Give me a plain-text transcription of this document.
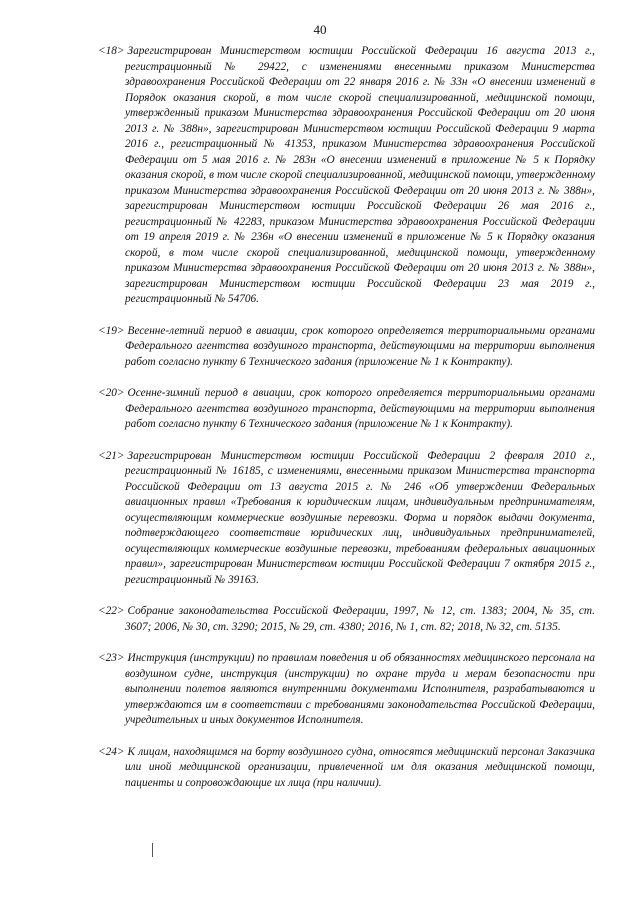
40

<18> Зарегистрирован Министерством юстиции Российской Федерации 16 августа 2013 г., регистрационный № 29422, с изменениями внесенными приказом Министерства здравоохранения Российской Федерации от 22 января 2016 г. № 33н «О внесении изменений в Порядок оказания скорой, в том числе скорой специализированной, медицинской помощи, утвержденный приказом Министерства здравоохранения Российской Федерации от 20 июня 2013 г. № 388н», зарегистрирован Министерством юстиции Российской Федерации 9 марта 2016 г., регистрационный № 41353, приказом Министерства здравоохранения Российской Федерации от 5 мая 2016 г. № 283н «О внесении изменений в приложение № 5 к Порядку оказания скорой, в том числе скорой специализированной, медицинской помощи, утвержденному приказом Министерства здравоохранения Российской Федерации от 20 июня 2013 г. № 388н», зарегистрирован Министерством юстиции Российской Федерации 26 мая 2016 г., регистрационный № 42283, приказом Министерства здравоохранения Российской Федерации от 19 апреля 2019 г. № 236н «О внесении изменений в приложение № 5 к Порядку оказания скорой, в том числе скорой специализированной, медицинской помощи, утвержденному приказом Министерства здравоохранения Российской Федерации от 20 июня 2013 г. № 388н», зарегистрирован Министерством юстиции Российской Федерации 23 мая 2019 г., регистрационный № 54706.

<19> Весенне-летний период в авиации, срок которого определяется территориальными органами Федерального агентства воздушного транспорта, действующими на территории выполнения работ согласно пункту 6 Технического задания (приложение № 1 к Контракту).

<20> Осенне-зимний период в авиации, срок которого определяется территориальными органами Федерального агентства воздушного транспорта, действующими на территории выполнения работ согласно пункту 6 Технического задания (приложение № 1 к Контракту).

<21> Зарегистрирован Министерством юстиции Российской Федерации 2 февраля 2010 г., регистрационный № 16185, с изменениями, внесенными приказом Министерства транспорта Российской Федерации от 13 августа 2015 г. № 246 «Об утверждении Федеральных авиационных правил «Требования к юридическим лицам, индивидуальным предпринимателям, осуществляющим коммерческие воздушные перевозки. Форма и порядок выдачи документа, подтверждающего соответствие юридических лиц, индивидуальных предпринимателей, осуществляющих коммерческие воздушные перевозки, требованиям федеральных авиационных правил», зарегистрирован Министерством юстиции Российской Федерации 7 октября 2015 г., регистрационный № 39163.

<22> Собрание законодательства Российской Федерации, 1997, № 12, ст. 1383; 2004, № 35, ст. 3607; 2006, № 30, ст. 3290; 2015, № 29, ст. 4380; 2016, № 1, ст. 82; 2018, № 32, ст. 5135.

<23> Инструкция (инструкции) по правилам поведения и об обязанностях медицинского персонала на воздушном судне, инструкция (инструкции) по охране труда и мерам безопасности при выполнении полетов являются внутренними документами Исполнителя, разрабатываются и утверждаются им в соответствии с требованиями законодательства Российской Федерации, учредительных и иных документов Исполнителя.

<24> К лицам, находящимся на борту воздушного судна, относятся медицинский персонал Заказчика или иной медицинской организации, привлеченной им для оказания медицинской помощи, пациенты и сопровождающие их лица (при наличии).
